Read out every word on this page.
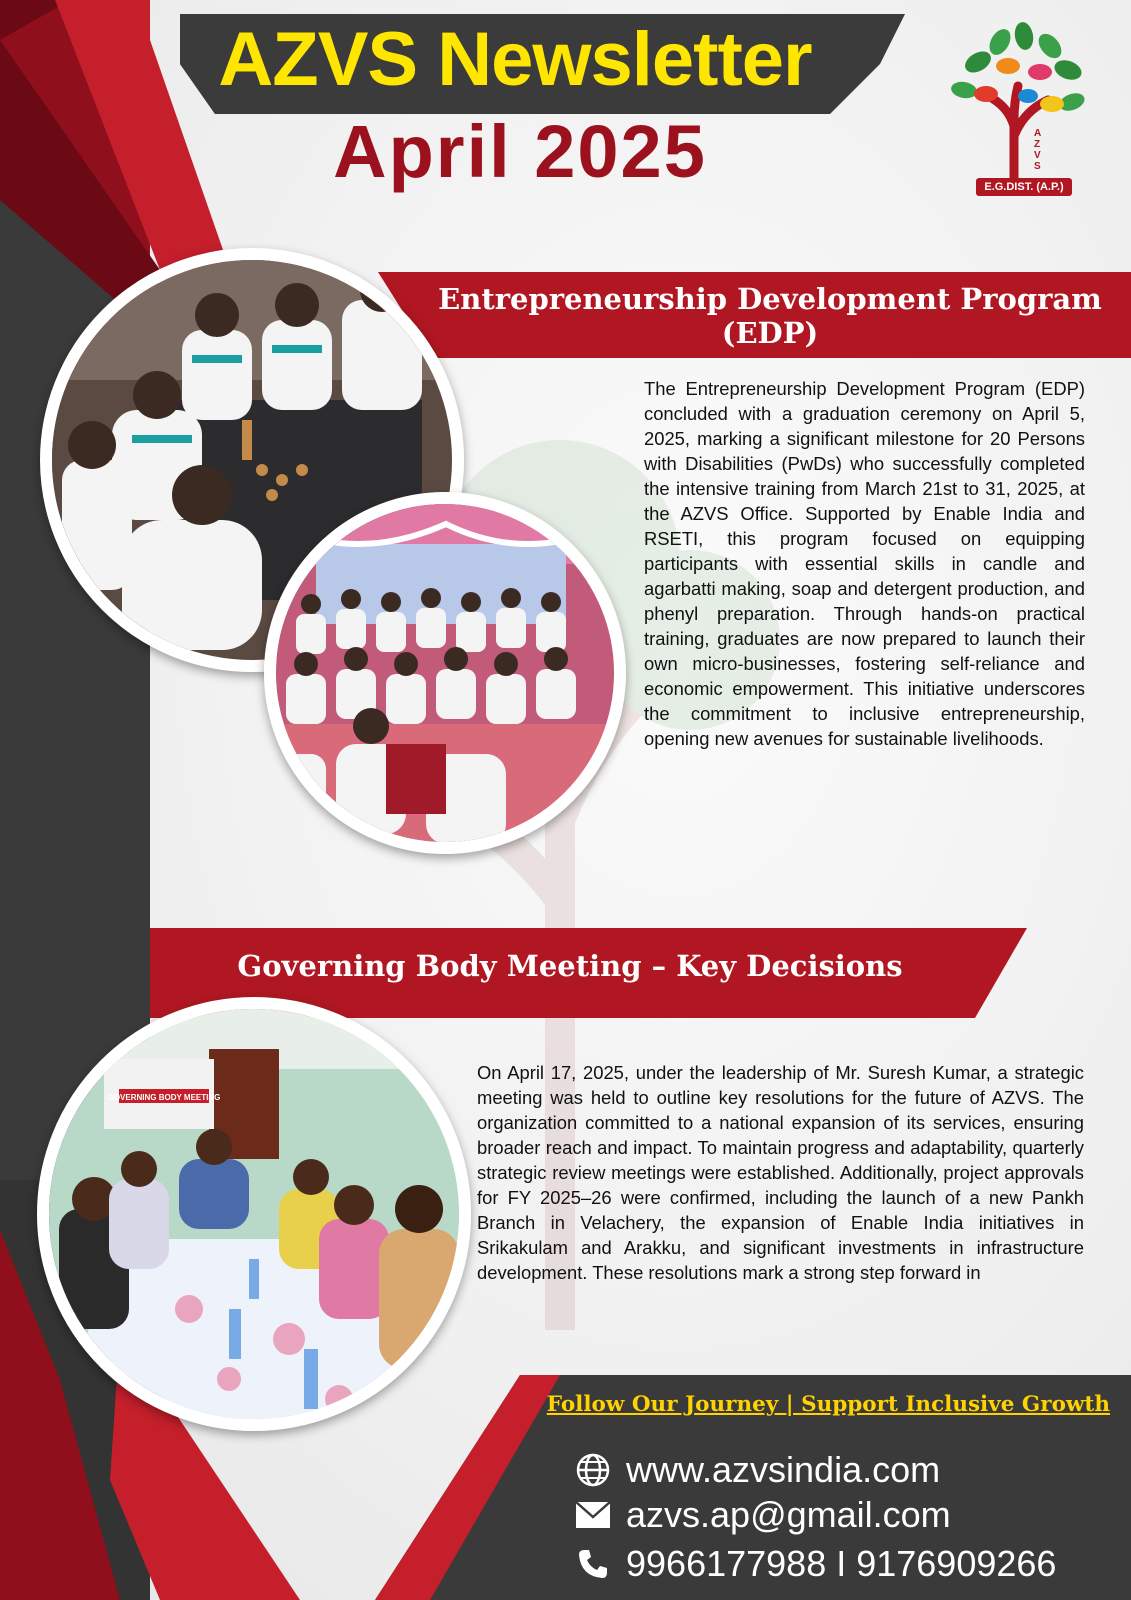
AZVS Newsletter
April 2025	A Z V S
E.G.DIST. (A.P.)
Entrepreneurship Development Program
(EDP)

The Entrepreneurship Development Program (EDP) concluded with a graduation ceremony on April 5, 2025, marking a significant milestone for 20 Persons with Disabilities (PwDs) who successfully completed the intensive training from March 21st to 31, 2025, at the AZVS Office. Supported by Enable India and RSETI, this program focused on equipping participants with essential skills in candle and agarbatti making, soap and detergent production, and phenyl preparation. Through hands-on practical training, graduates are now prepared to launch their own micro-businesses, fostering self-reliance and economic empowerment. This initiative underscores the commitment to inclusive entrepreneurship, opening new avenues for sustainable livelihoods.

Governing Body Meeting – Key Decisions

On April 17, 2025, under the leadership of Mr. Suresh Kumar, a strategic meeting was held to outline key resolutions for the future of AZVS. The organization committed to a national expansion of its services, ensuring broader reach and impact. To maintain progress and adaptability, quarterly strategic review meetings were established. Additionally, project approvals for FY 2025–26 were confirmed, including the launch of a new Pankh Branch in Velachery, the expansion of Enable India initiatives in Srikakulam and Arakku, and significant investments in infrastructure development. These resolutions mark a strong step forward in

GOVERNING BODY MEETING
Follow Our Journey | Support Inclusive Growth
www.azvsindia.com
azvs.ap@gmail.com
9966177988 I 9176909266
